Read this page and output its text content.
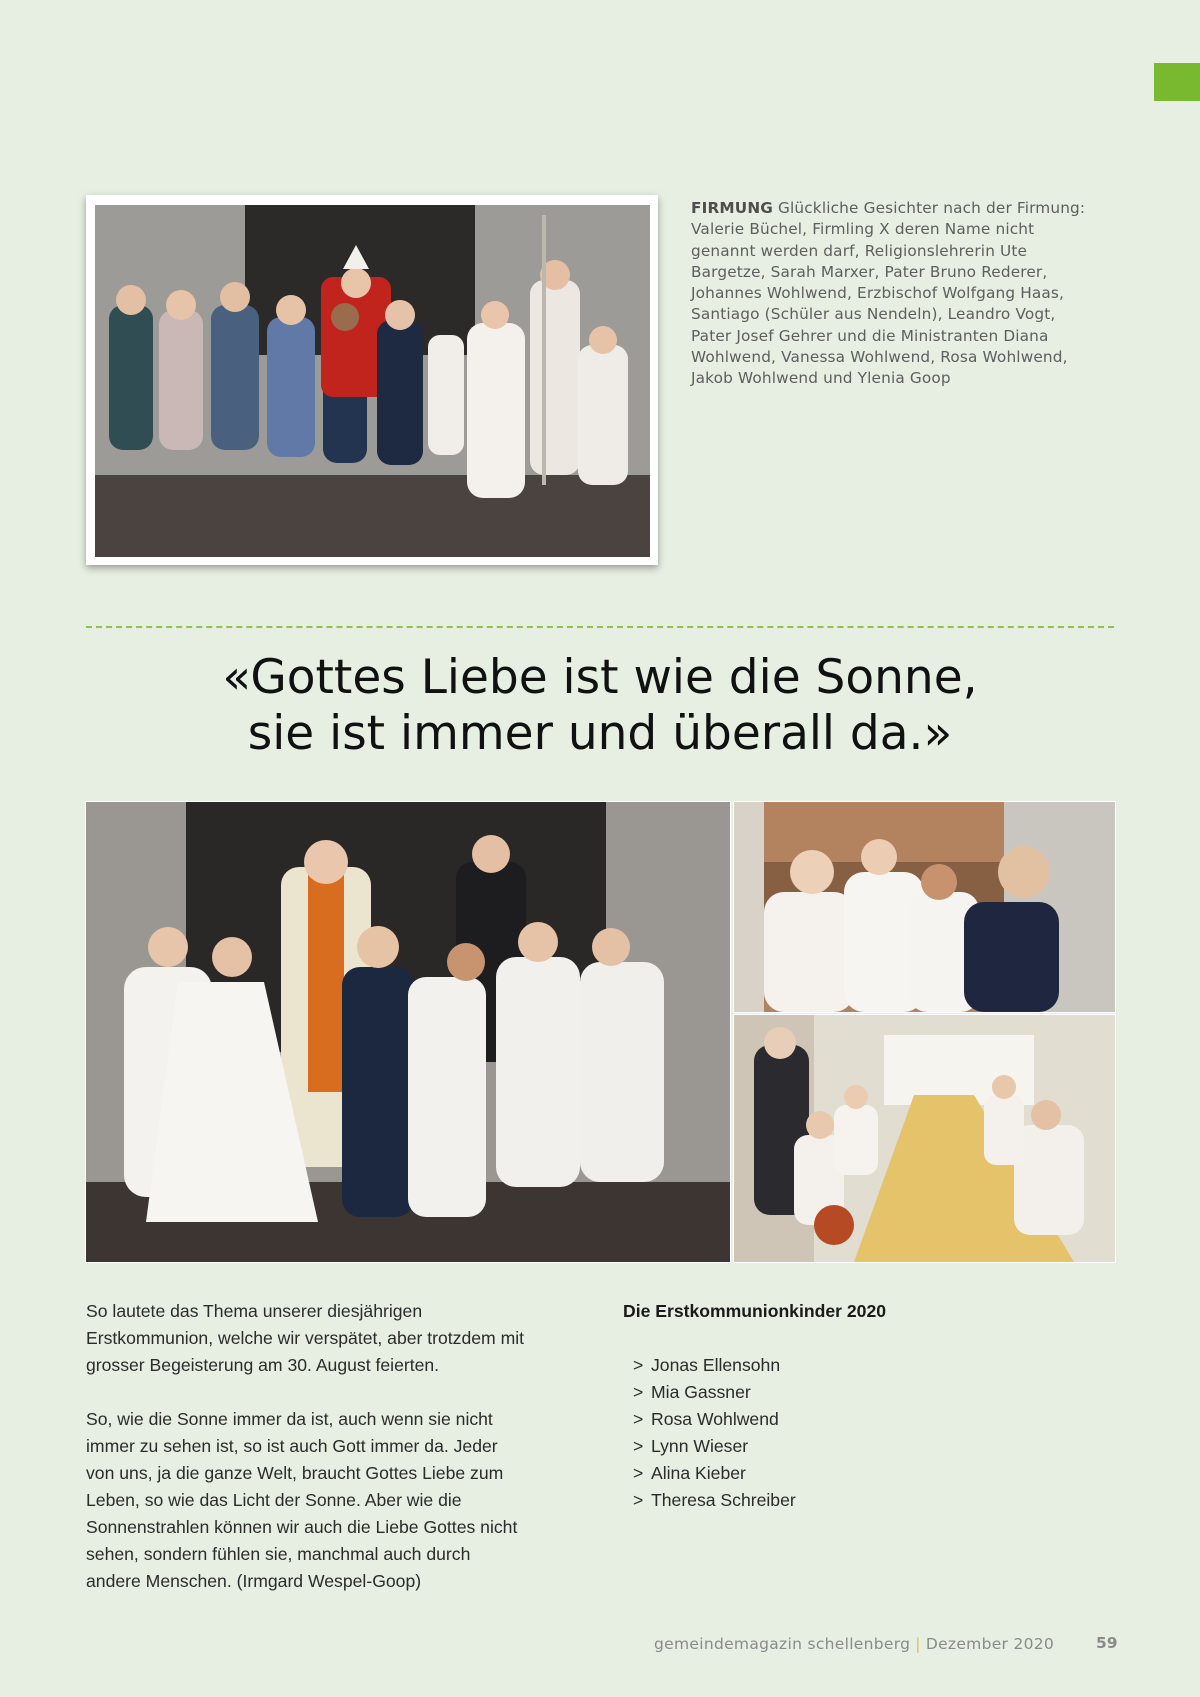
FIRMUNG Glückliche Gesichter nach der Firmung: Valerie Büchel, Firmling X deren Name nicht genannt werden darf, Religionslehrerin Ute Bargetze, Sarah Marxer, Pater Bruno Rederer, Johannes Wohlwend, Erzbischof Wolfgang Haas, Santiago (Schüler aus Nendeln), Leandro Vogt, Pater Josef Gehrer und die Ministranten Diana Wohlwend, Vanessa Wohlwend, Rosa Wohlwend, Jakob Wohlwend und Ylenia Goop
«Gottes Liebe ist wie die Sonne,
sie ist immer und überall da.»

So lautete das Thema unserer diesjährigen Erstkommunion, welche wir verspätet, aber trotzdem mit grosser Begeisterung am 30. August feierten.

So, wie die Sonne immer da ist, auch wenn sie nicht immer zu sehen ist, so ist auch Gott immer da. Jeder von uns, ja die ganze Welt, braucht Gottes Liebe zum Leben, so wie das Licht der Sonne. Aber wie die Sonnenstrahlen können wir auch die Liebe Gottes nicht sehen, sondern fühlen sie, manchmal auch durch andere Menschen. (Irmgard Wespel-Goop)

Die Erstkommunionkinder 2020
> Jonas Ellensohn
> Mia Gassner
> Rosa Wohlwend
> Lynn Wieser
> Alina Kieber
> Theresa Schreiber
gemeindemagazin schellenberg | Dezember 2020	59
